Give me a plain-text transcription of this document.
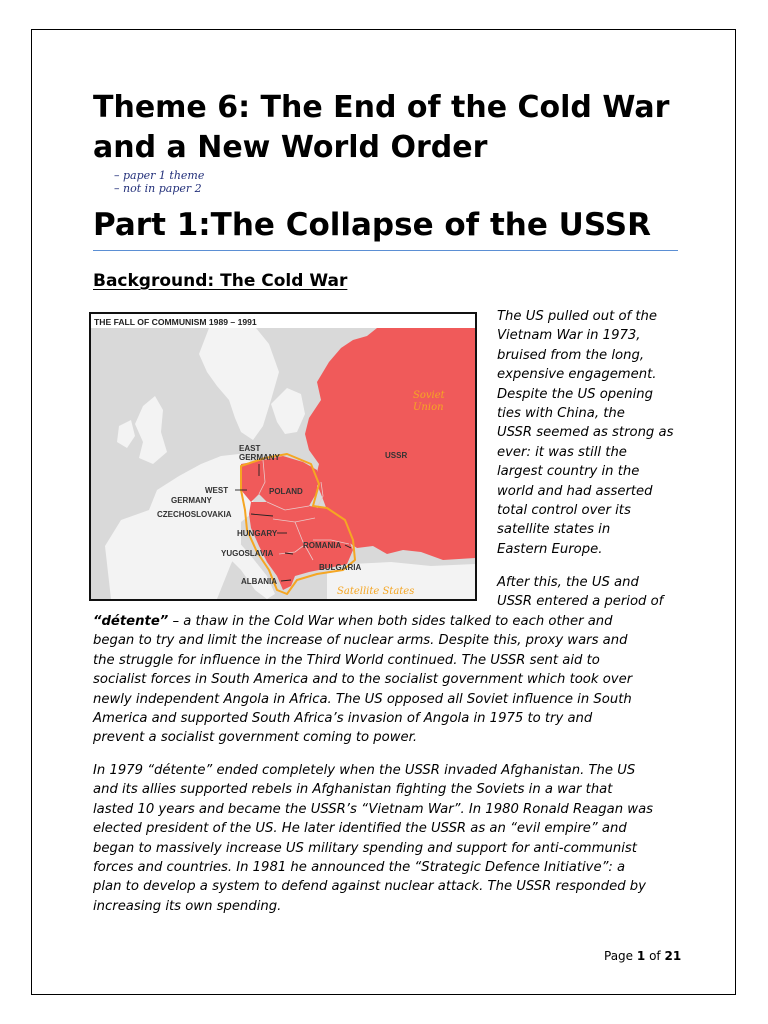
Theme 6: The End of the Cold War and a New World Order
– paper 1 theme
– not in paper 2
Part 1:The Collapse of the USSR
Background: The Cold War
THE FALL OF COMMUNISM 1989 – 1991
EAST
GERMANY	USSR
POLAND
WEST
GERMANY
CZECHOSLOVAKIA
HUNGARY
ROMANIA
YUGOSLAVIA
BULGARIA
ALBANIA
Soviet
Union
Satellite States

The US pulled out of the
Vietnam War in 1973,
bruised from the long,
expensive engagement.
Despite the US opening
ties with China, the
USSR seemed as strong as
ever: it was still the
largest country in the
world and had asserted
total control over its
satellite states in
Eastern Europe.

After this, the US and
USSR entered a period of

“détente” – a thaw in the Cold War when both sides talked to each other and
began to try and limit the increase of nuclear arms. Despite this, proxy wars and
the struggle for influence in the Third World continued. The USSR sent aid to
socialist forces in South America and to the socialist government which took over
newly independent Angola in Africa. The US opposed all Soviet influence in South
America and supported South Africa’s invasion of Angola in 1975 to try and
prevent a socialist government coming to power.

In 1979 “détente” ended completely when the USSR invaded Afghanistan. The US
and its allies supported rebels in Afghanistan fighting the Soviets in a war that
lasted 10 years and became the USSR’s “Vietnam War”. In 1980 Ronald Reagan was
elected president of the US. He later identified the USSR as an “evil empire” and
began to massively increase US military spending and support for anti-communist
forces and countries. In 1981 he announced the “Strategic Defence Initiative”: a
plan to develop a system to defend against nuclear attack. The USSR responded by
increasing its own spending.

Page 1 of 21
